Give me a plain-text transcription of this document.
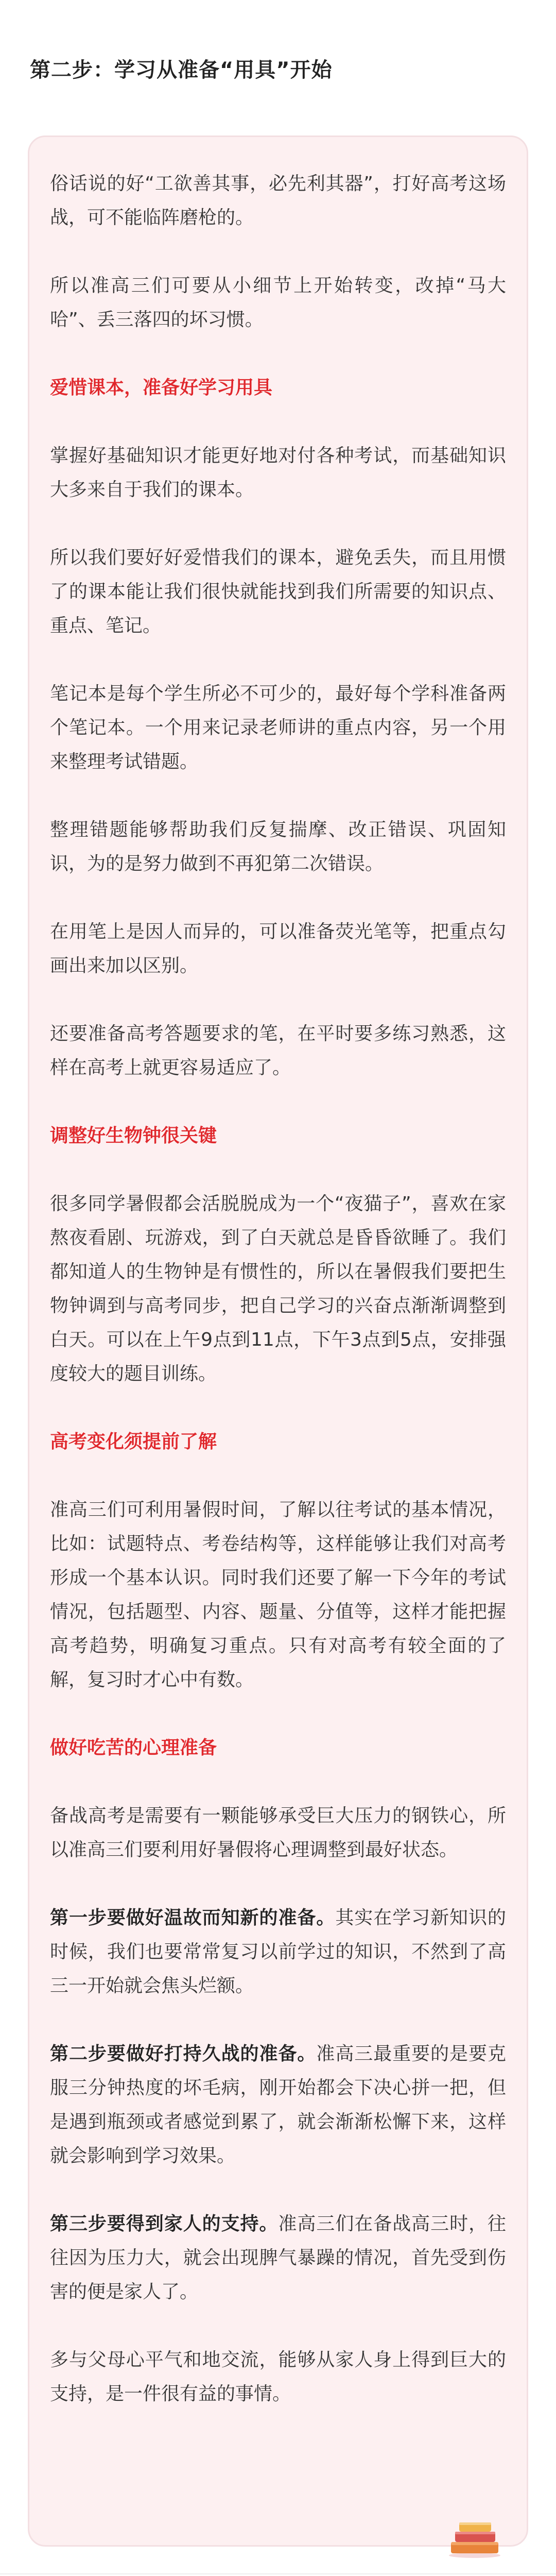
第二步：学习从准备“用具”开始

俗话说的好“工欲善其事，必先利其器”，打好高考这场战，可不能临阵磨枪的。

所以准高三们可要从小细节上开始转变，改掉“马大哈”、丢三落四的坏习惯。

爱惜课本，准备好学习用具

掌握好基础知识才能更好地对付各种考试，而基础知识大多来自于我们的课本。

所以我们要好好爱惜我们的课本，避免丢失，而且用惯了的课本能让我们很快就能找到我们所需要的知识点、重点、笔记。

笔记本是每个学生所必不可少的，最好每个学科准备两个笔记本。一个用来记录老师讲的重点内容，另一个用来整理考试错题。

整理错题能够帮助我们反复揣摩、改正错误、巩固知识，为的是努力做到不再犯第二次错误。

在用笔上是因人而异的，可以准备荧光笔等，把重点勾画出来加以区别。

还要准备高考答题要求的笔，在平时要多练习熟悉，这样在高考上就更容易适应了。

调整好生物钟很关键

很多同学暑假都会活脱脱成为一个“夜猫子”，喜欢在家熬夜看剧、玩游戏，到了白天就总是昏昏欲睡了。我们都知道人的生物钟是有惯性的，所以在暑假我们要把生物钟调到与高考同步，把自己学习的兴奋点渐渐调整到白天。可以在上午9点到11点，下午3点到5点，安排强度较大的题目训练。

高考变化须提前了解

准高三们可利用暑假时间，了解以往考试的基本情况，比如：试题特点、考卷结构等，这样能够让我们对高考形成一个基本认识。同时我们还要了解一下今年的考试情况，包括题型、内容、题量、分值等，这样才能把握高考趋势，明确复习重点。只有对高考有较全面的了解，复习时才心中有数。

做好吃苦的心理准备

备战高考是需要有一颗能够承受巨大压力的钢铁心，所以准高三们要利用好暑假将心理调整到最好状态。

第一步要做好温故而知新的准备。其实在学习新知识的时候，我们也要常常复习以前学过的知识，不然到了高三一开始就会焦头烂额。

第二步要做好打持久战的准备。准高三最重要的是要克服三分钟热度的坏毛病，刚开始都会下决心拼一把，但是遇到瓶颈或者感觉到累了，就会渐渐松懈下来，这样就会影响到学习效果。

第三步要得到家人的支持。准高三们在备战高三时，往往因为压力大，就会出现脾气暴躁的情况，首先受到伤害的便是家人了。

多与父母心平气和地交流，能够从家人身上得到巨大的支持，是一件很有益的事情。
